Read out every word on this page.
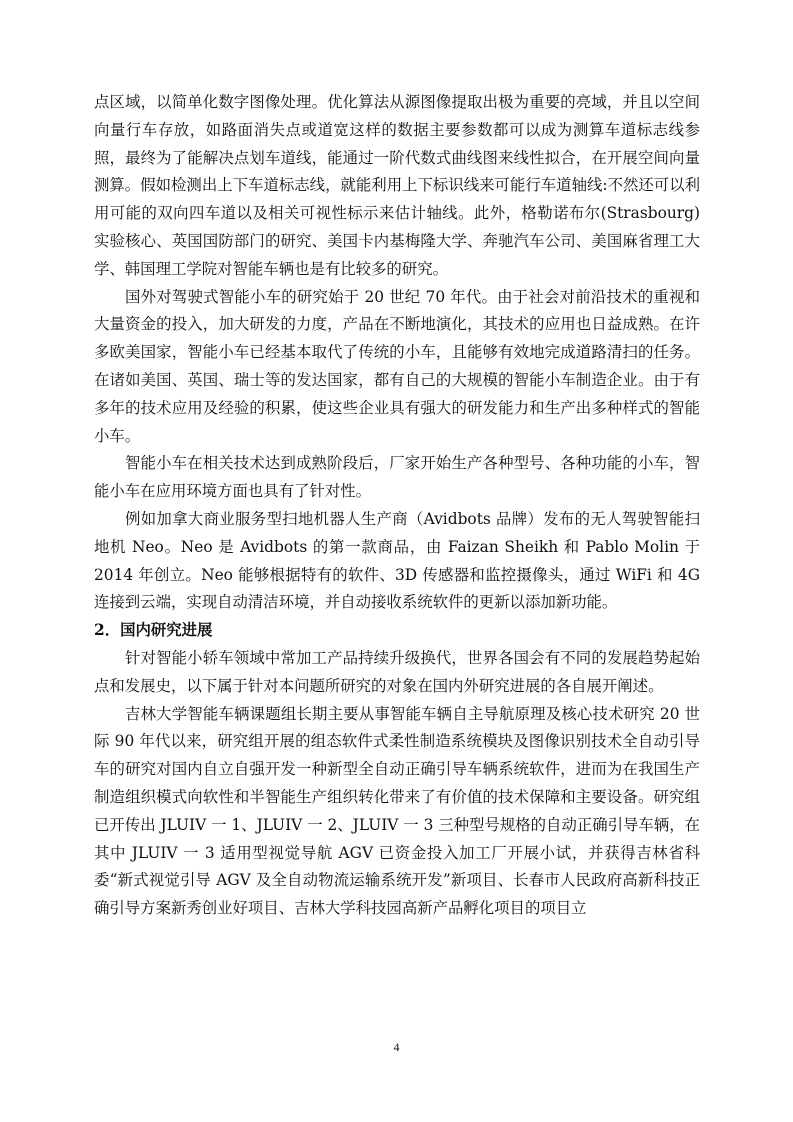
点区域，以简单化数字图像处理。优化算法从源图像提取出极为重要的亮域，并且以空间向量行车存放，如路面消失点或道宽这样的数据主要参数都可以成为测算车道标志线参照，最终为了能解决点划车道线，能通过一阶代数式曲线图来线性拟合，在开展空间向量测算。假如检测出上下车道标志线，就能利用上下标识线来可能行车道轴线:不然还可以利用可能的双向四车道以及相关可视性标示来估计轴线。此外，格勒诺布尔(Strasbourg)实验核心、英国国防部门的研究、美国卡内基梅隆大学、奔驰汽车公司、美国麻省理工大学、韩国理工学院对智能车辆也是有比较多的研究。

国外对驾驶式智能小车的研究始于 20 世纪 70 年代。由于社会对前沿技术的重视和大量资金的投入，加大研发的力度，产品在不断地演化，其技术的应用也日益成熟。在许多欧美国家，智能小车已经基本取代了传统的小车，且能够有效地完成道路清扫的任务。在诸如美国、英国、瑞士等的发达国家，都有自己的大规模的智能小车制造企业。由于有多年的技术应用及经验的积累，使这些企业具有强大的研发能力和生产出多种样式的智能小车。

智能小车在相关技术达到成熟阶段后，厂家开始生产各种型号、各种功能的小车，智能小车在应用环境方面也具有了针对性。

例如加拿大商业服务型扫地机器人生产商（Avidbots 品牌）发布的无人驾驶智能扫地机 Neo。Neo 是 Avidbots 的第一款商品，由 Faizan Sheikh 和 Pablo Molin 于 2014 年创立。Neo 能够根据特有的软件、3D 传感器和监控摄像头，通过 WiFi 和 4G 连接到云端，实现自动清洁环境，并自动接收系统软件的更新以添加新功能。

2．国内研究进展

针对智能小轿车领域中常加工产品持续升级换代，世界各国会有不同的发展趋势起始点和发展史，以下属于针对本问题所研究的对象在国内外研究进展的各自展开阐述。

吉林大学智能车辆课题组长期主要从事智能车辆自主导航原理及核心技术研究 20 世际 90 年代以来，研究组开展的组态软件式柔性制造系统模块及图像识别技术全自动引导车的研究对国内自立自强开发一种新型全自动正确引导车辆系统软件，进而为在我国生产制造组织模式向软性和半智能生产组织转化带来了有价值的技术保障和主要设备。研究组已开传出 JLUIV 一 1、JLUIV 一 2、JLUIV 一 3 三种型号规格的自动正确引导车辆，在其中 JLUIV 一 3 适用型视觉导航 AGV 已资金投入加工厂开展小试，并获得吉林省科委“新式视觉引导 AGV 及全自动物流运输系统开发”新项目、长春市人民政府高新科技正确引导方案新秀创业好项目、吉林大学科技园高新产品孵化项目的项目立

4
